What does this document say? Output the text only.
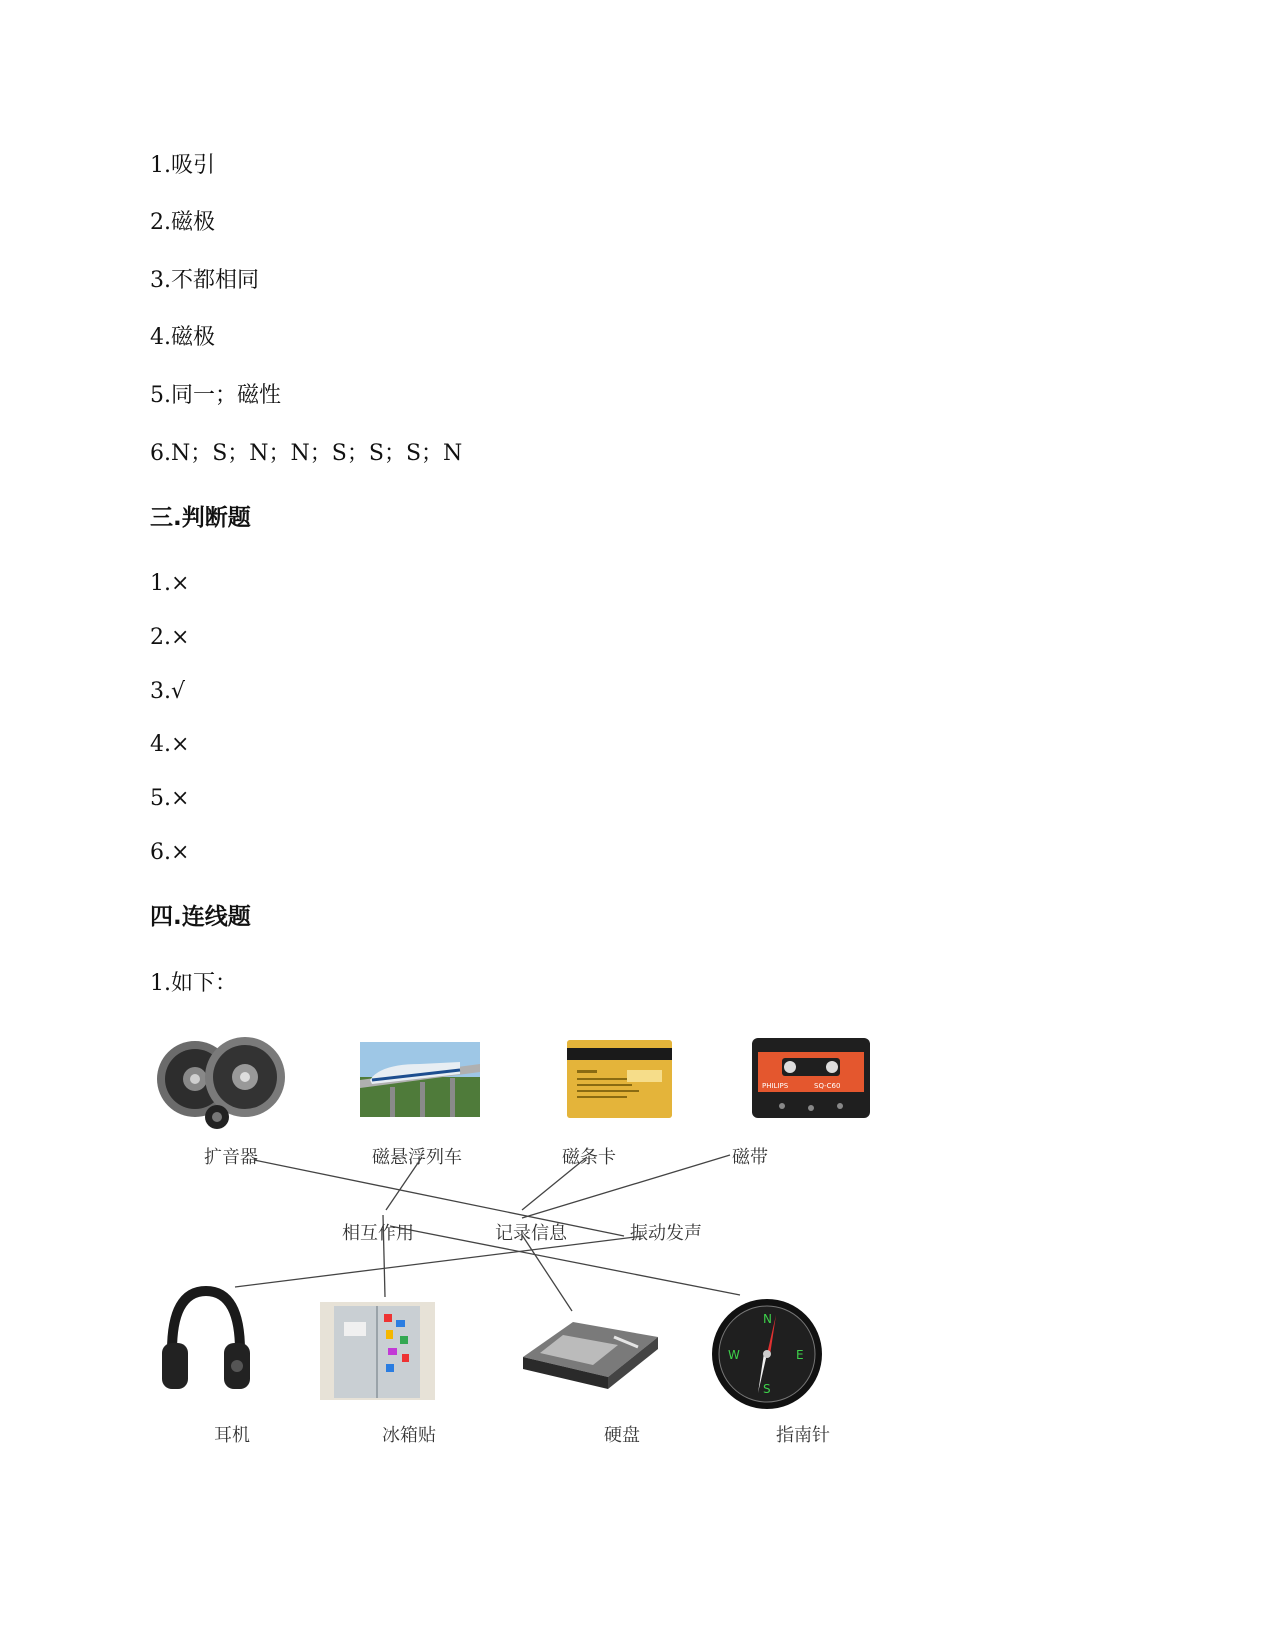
1.吸引
2.磁极
3.不都相同
4.磁极
5.同一；磁性
6.N；S；N；N；S；S；S；N
三.判断题
1.×
2.×
3.√
4.×
5.×
6.×
四.连线题
1.如下：
PHILIPS	SQ-C60
扩音器	磁悬浮列车	磁条卡	磁带
相互作用	记录信息	振动发声
N
E
S
W
耳机	冰箱贴	硬盘	指南针
